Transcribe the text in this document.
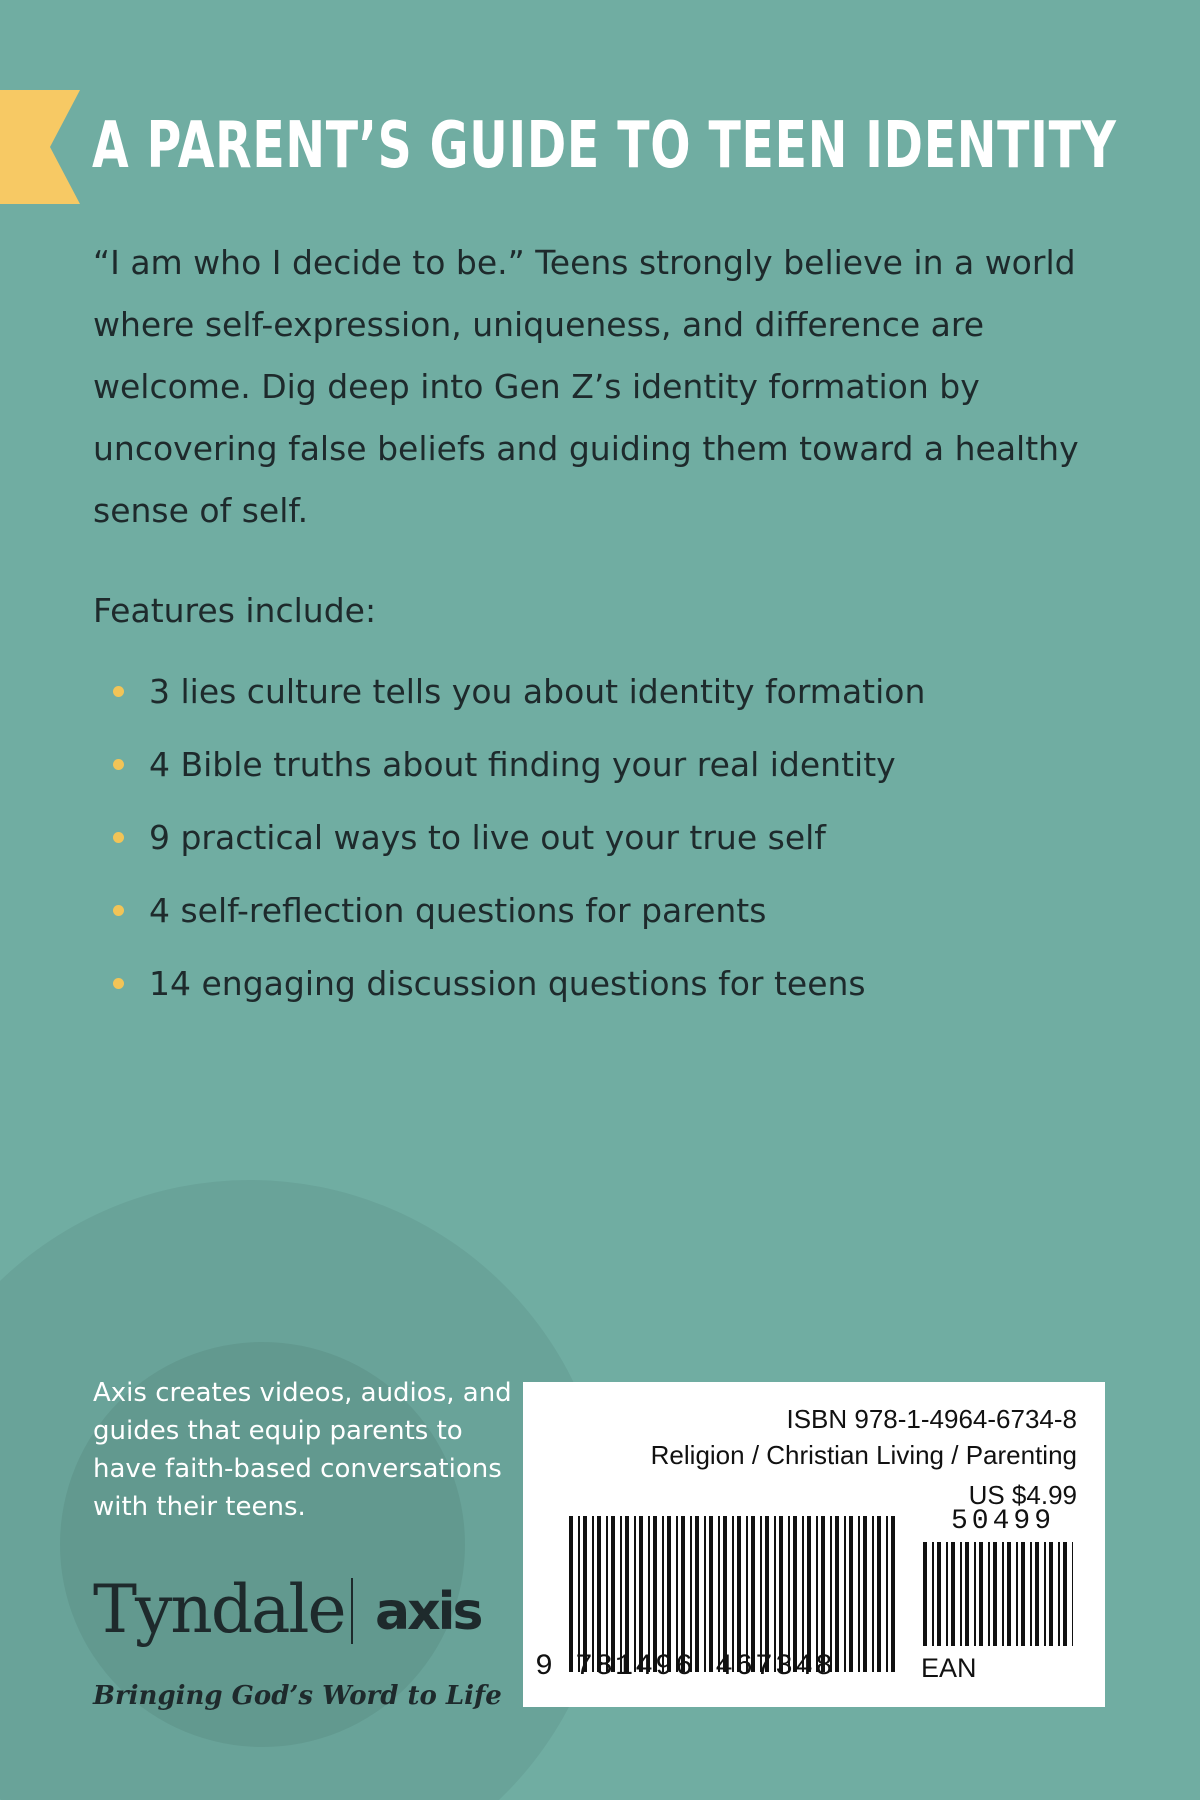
A PARENT’S GUIDE TO TEEN IDENTITY

“I am who I decide to be.” Teens strongly believe in a world where self-expression, uniqueness, and difference are welcome. Dig deep into Gen Z’s identity formation by uncovering false beliefs and guiding them toward a healthy sense of self.

Features include:

3 lies culture tells you about identity formation
4 Bible truths about finding your real identity
9 practical ways to live out your true self
4 self-reflection questions for parents
14 engaging discussion questions for teens

Axis creates videos, audios, and guides that equip parents to have faith-based conversations with their teens.

Tyndale axis

Bringing God’s Word to Life

ISBN 978-1-4964-6734-8
Religion / Christian Living / Parenting
US $4.99
50499
9 781496 467348	EAN
